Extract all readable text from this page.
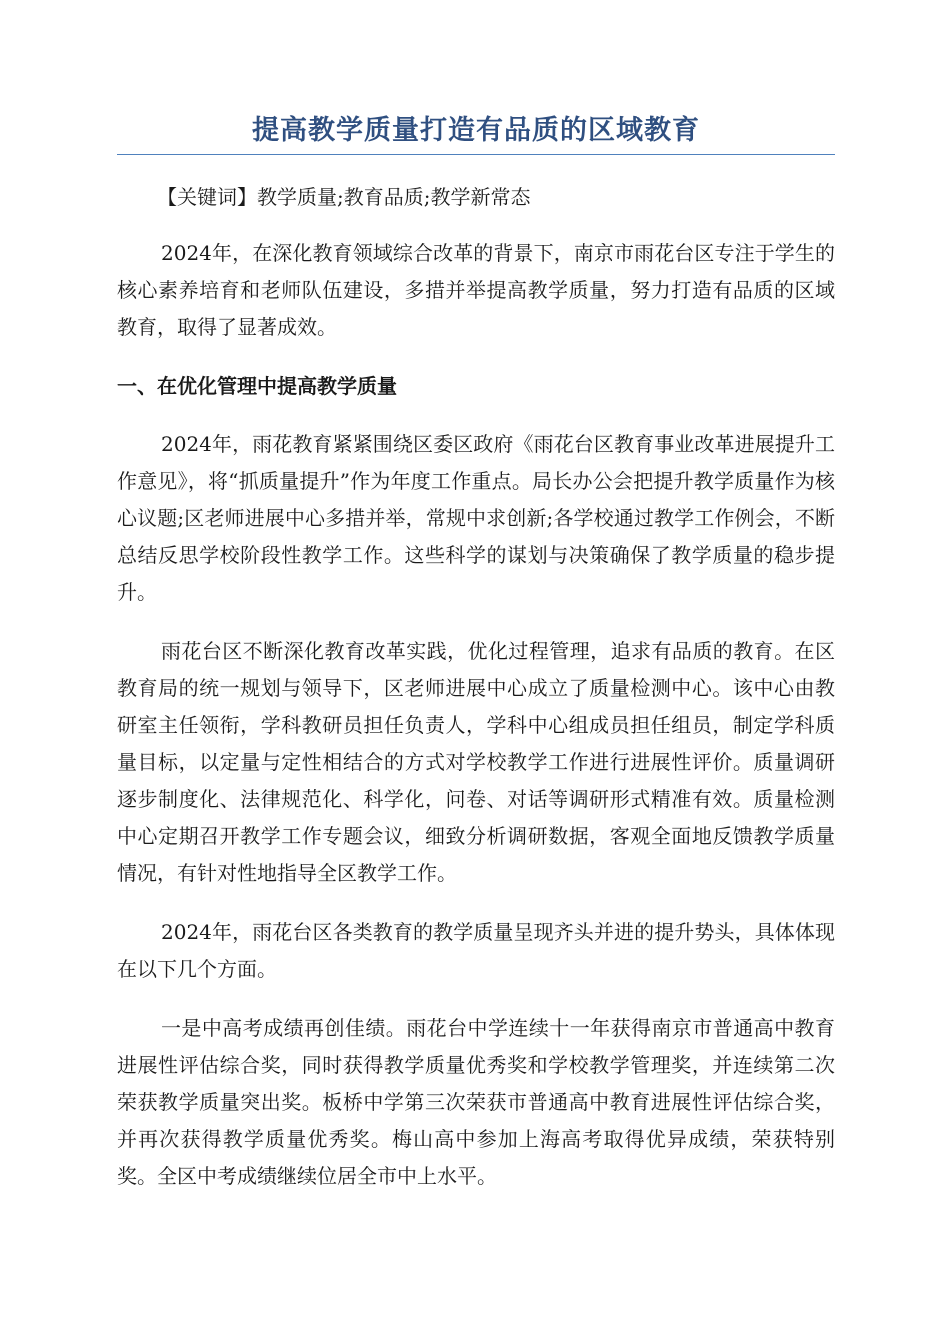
提高教学质量打造有品质的区域教育

【关键词】教学质量;教育品质;教学新常态

2024年，在深化教育领域综合改革的背景下，南京市雨花台区专注于学生的核心素养培育和老师队伍建设，多措并举提高教学质量，努力打造有品质的区域教育，取得了显著成效。

一、在优化管理中提高教学质量

2024年，雨花教育紧紧围绕区委区政府《雨花台区教育事业改革进展提升工作意见》，将“抓质量提升”作为年度工作重点。局长办公会把提升教学质量作为核心议题;区老师进展中心多措并举，常规中求创新;各学校通过教学工作例会，不断总结反思学校阶段性教学工作。这些科学的谋划与决策确保了教学质量的稳步提升。

雨花台区不断深化教育改革实践，优化过程管理，追求有品质的教育。在区教育局的统一规划与领导下，区老师进展中心成立了质量检测中心。该中心由教研室主任领衔，学科教研员担任负责人，学科中心组成员担任组员，制定学科质量目标，以定量与定性相结合的方式对学校教学工作进行进展性评价。质量调研逐步制度化、法律规范化、科学化，问卷、对话等调研形式精准有效。质量检测中心定期召开教学工作专题会议，细致分析调研数据，客观全面地反馈教学质量情况，有针对性地指导全区教学工作。

2024年，雨花台区各类教育的教学质量呈现齐头并进的提升势头，具体体现在以下几个方面。

一是中高考成绩再创佳绩。雨花台中学连续十一年获得南京市普通高中教育进展性评估综合奖，同时获得教学质量优秀奖和学校教学管理奖，并连续第二次荣获教学质量突出奖。板桥中学第三次荣获市普通高中教育进展性评估综合奖，并再次获得教学质量优秀奖。梅山高中参加上海高考取得优异成绩，荣获特别奖。全区中考成绩继续位居全市中上水平。
